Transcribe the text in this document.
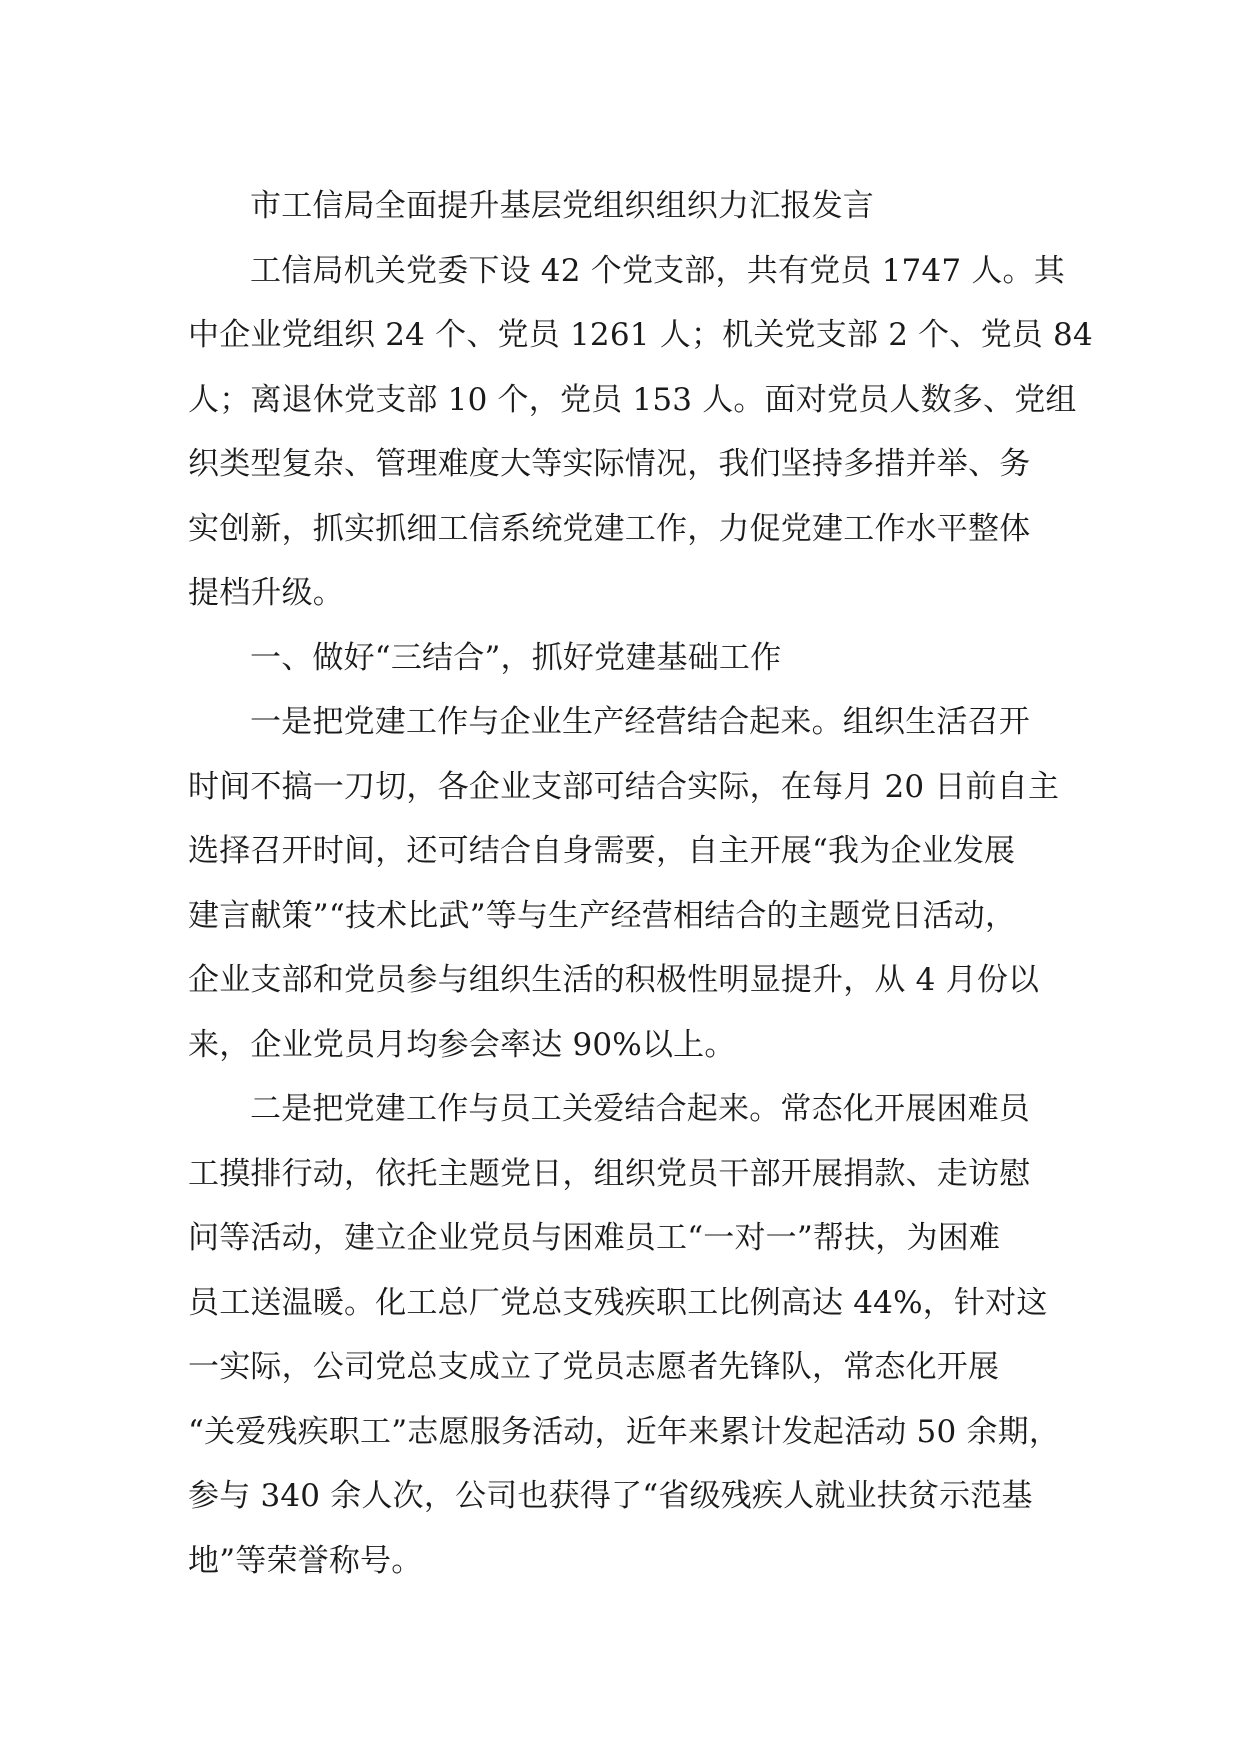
市工信局全面提升基层党组织组织力汇报发言
工信局机关党委下设 42 个党支部，共有党员 1747 人。其
中企业党组织 24 个、党员 1261 人；机关党支部 2 个、党员 84
人；离退休党支部 10 个，党员 153 人。面对党员人数多、党组
织类型复杂、管理难度大等实际情况，我们坚持多措并举、务
实创新，抓实抓细工信系统党建工作，力促党建工作水平整体
提档升级。
一、做好“三结合”，抓好党建基础工作
一是把党建工作与企业生产经营结合起来。组织生活召开
时间不搞一刀切，各企业支部可结合实际，在每月 20 日前自主
选择召开时间，还可结合自身需要，自主开展“我为企业发展
建言献策”“技术比武”等与生产经营相结合的主题党日活动，
企业支部和党员参与组织生活的积极性明显提升，从 4 月份以
来，企业党员月均参会率达 90%以上。
二是把党建工作与员工关爱结合起来。常态化开展困难员
工摸排行动，依托主题党日，组织党员干部开展捐款、走访慰
问等活动，建立企业党员与困难员工“一对一”帮扶，为困难
员工送温暖。化工总厂党总支残疾职工比例高达 44%，针对这
一实际，公司党总支成立了党员志愿者先锋队，常态化开展
“关爱残疾职工”志愿服务活动，近年来累计发起活动 50 余期，
参与 340 余人次，公司也获得了“省级残疾人就业扶贫示范基
地”等荣誉称号。
